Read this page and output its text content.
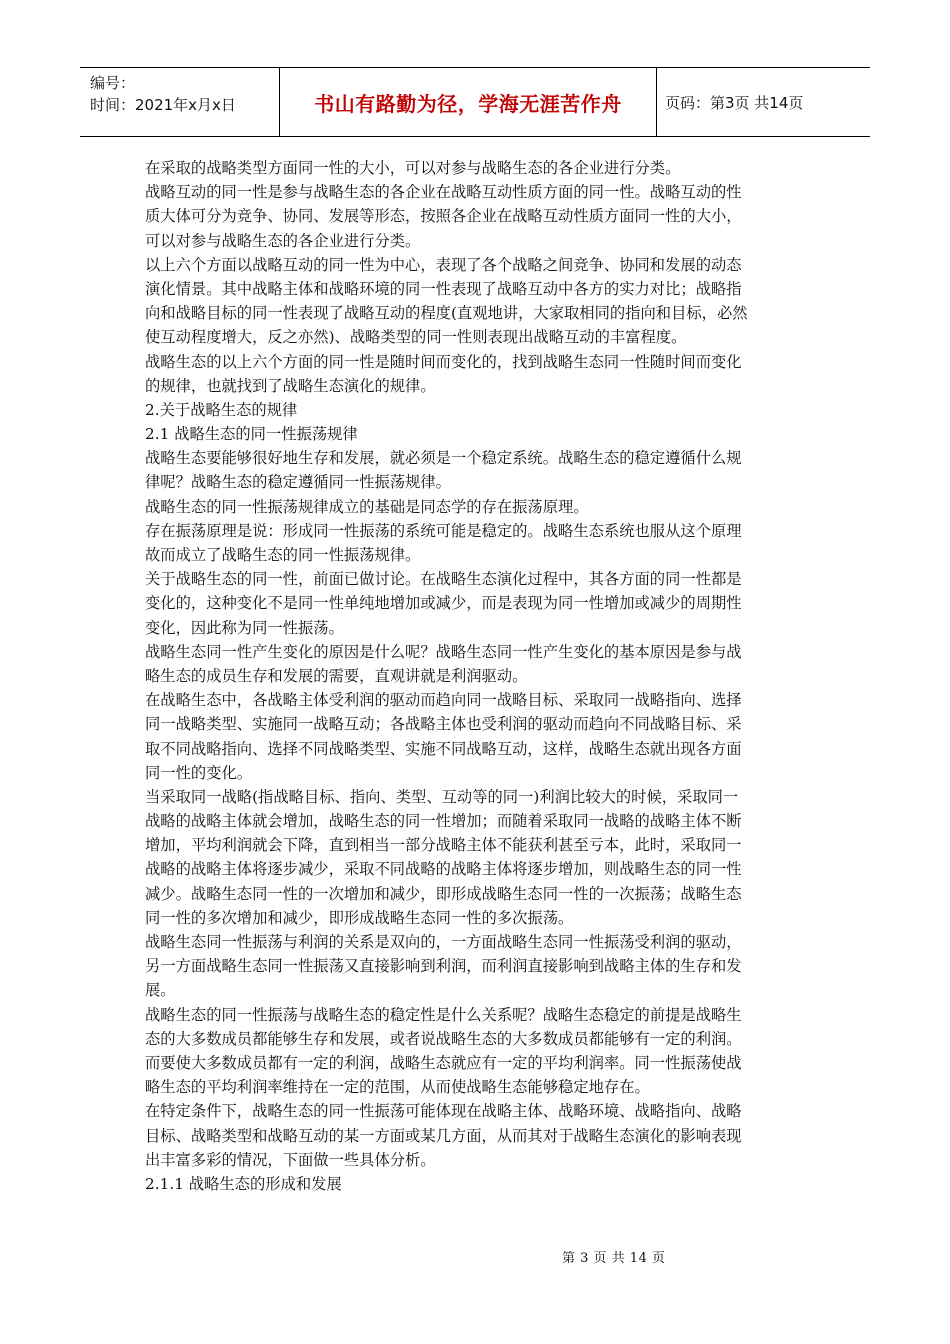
编号：
时间：2021年x月x日	书山有路勤为径，学海无涯苦作舟	页码：第3页 共14页
在采取的战略类型方面同一性的大小，可以对参与战略生态的各企业进行分类。
战略互动的同一性是参与战略生态的各企业在战略互动性质方面的同一性。战略互动的性
质大体可分为竞争、协同、发展等形态，按照各企业在战略互动性质方面同一性的大小，
可以对参与战略生态的各企业进行分类。
以上六个方面以战略互动的同一性为中心，表现了各个战略之间竞争、协同和发展的动态
演化情景。其中战略主体和战略环境的同一性表现了战略互动中各方的实力对比；战略指
向和战略目标的同一性表现了战略互动的程度(直观地讲，大家取相同的指向和目标，必然
使互动程度增大，反之亦然)、战略类型的同一性则表现出战略互动的丰富程度。
战略生态的以上六个方面的同一性是随时间而变化的，找到战略生态同一性随时间而变化
的规律，也就找到了战略生态演化的规律。
2.关于战略生态的规律
2.1 战略生态的同一性振荡规律
战略生态要能够很好地生存和发展，就必须是一个稳定系统。战略生态的稳定遵循什么规
律呢？战略生态的稳定遵循同一性振荡规律。
战略生态的同一性振荡规律成立的基础是同态学的存在振荡原理。
存在振荡原理是说：形成同一性振荡的系统可能是稳定的。战略生态系统也服从这个原理
故而成立了战略生态的同一性振荡规律。
关于战略生态的同一性，前面已做讨论。在战略生态演化过程中，其各方面的同一性都是
变化的，这种变化不是同一性单纯地增加或减少，而是表现为同一性增加或减少的周期性
变化，因此称为同一性振荡。
战略生态同一性产生变化的原因是什么呢？战略生态同一性产生变化的基本原因是参与战
略生态的成员生存和发展的需要，直观讲就是利润驱动。
在战略生态中，各战略主体受利润的驱动而趋向同一战略目标、采取同一战略指向、选择
同一战略类型、实施同一战略互动；各战略主体也受利润的驱动而趋向不同战略目标、采
取不同战略指向、选择不同战略类型、实施不同战略互动，这样，战略生态就出现各方面
同一性的变化。
当采取同一战略(指战略目标、指向、类型、互动等的同一)利润比较大的时候，采取同一
战略的战略主体就会增加，战略生态的同一性增加；而随着采取同一战略的战略主体不断
增加，平均利润就会下降，直到相当一部分战略主体不能获利甚至亏本，此时，采取同一
战略的战略主体将逐步减少，采取不同战略的战略主体将逐步增加，则战略生态的同一性
减少。战略生态同一性的一次增加和减少，即形成战略生态同一性的一次振荡；战略生态
同一性的多次增加和减少，即形成战略生态同一性的多次振荡。
战略生态同一性振荡与利润的关系是双向的，一方面战略生态同一性振荡受利润的驱动，
另一方面战略生态同一性振荡又直接影响到利润，而利润直接影响到战略主体的生存和发
展。
战略生态的同一性振荡与战略生态的稳定性是什么关系呢？战略生态稳定的前提是战略生
态的大多数成员都能够生存和发展，或者说战略生态的大多数成员都能够有一定的利润。
而要使大多数成员都有一定的利润，战略生态就应有一定的平均利润率。同一性振荡使战
略生态的平均利润率维持在一定的范围，从而使战略生态能够稳定地存在。
在特定条件下，战略生态的同一性振荡可能体现在战略主体、战略环境、战略指向、战略
目标、战略类型和战略互动的某一方面或某几方面，从而其对于战略生态演化的影响表现
出丰富多彩的情况，下面做一些具体分析。
2.1.1 战略生态的形成和发展
第 3 页 共 14 页
